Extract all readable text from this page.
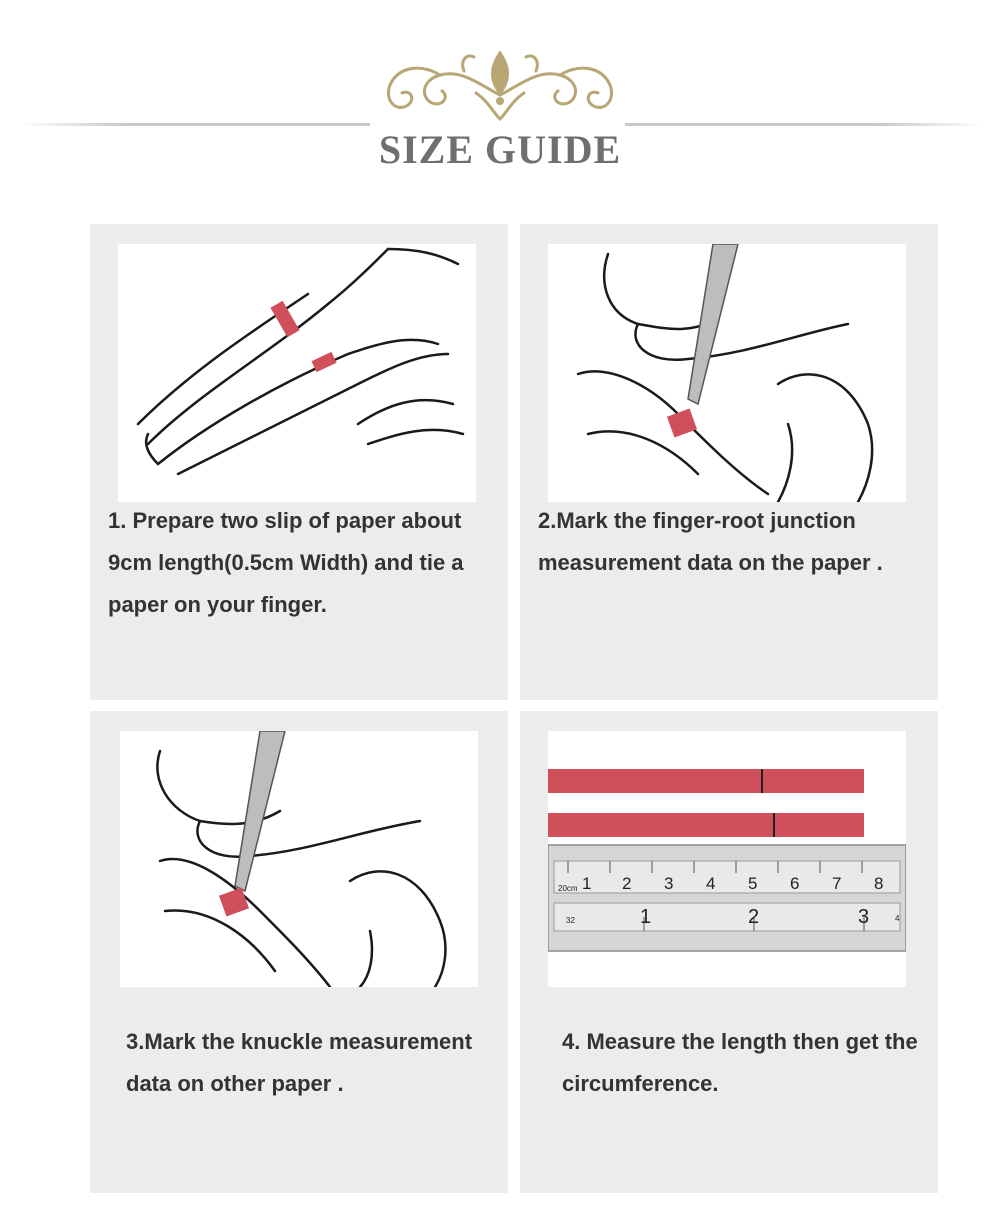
SIZE GUIDE
1. Prepare two slip of paper about 9cm length(0.5cm Width) and tie a paper on your finger.
2.Mark the finger-root junction measurement data on the paper .
3.Mark the knuckle measurement data on other paper .
20cm 1 2 3 4 5 6 7 8
32	1	2	3	4
4. Measure the length then get the circumference.
